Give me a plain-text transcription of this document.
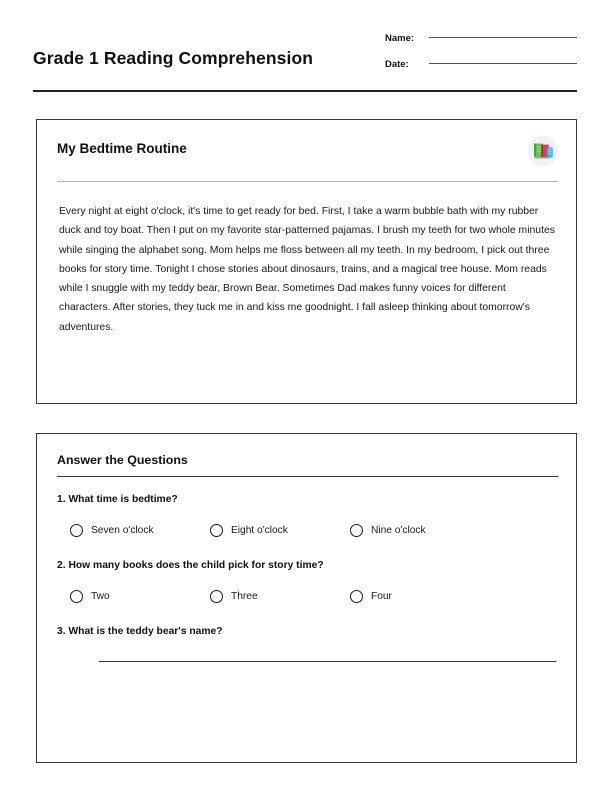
Grade 1 Reading Comprehension
Name:
Date:
My Bedtime Routine

Every night at eight o'clock, it's time to get ready for bed. First, I take a warm bubble bath with my rubber duck and toy boat. Then I put on my favorite star-patterned pajamas. I brush my teeth for two whole minutes while singing the alphabet song. Mom helps me floss between all my teeth. In my bedroom, I pick out three books for story time. Tonight I chose stories about dinosaurs, trains, and a magical tree house. Mom reads while I snuggle with my teddy bear, Brown Bear. Sometimes Dad makes funny voices for different characters. After stories, they tuck me in and kiss me goodnight. I fall asleep thinking about tomorrow's adventures.

Answer the Questions

1. What time is bedtime?

Seven o'clock	Eight o'clock	Nine o'clock

2. How many books does the child pick for story time?

Two	Three	Four

3. What is the teddy bear's name?
